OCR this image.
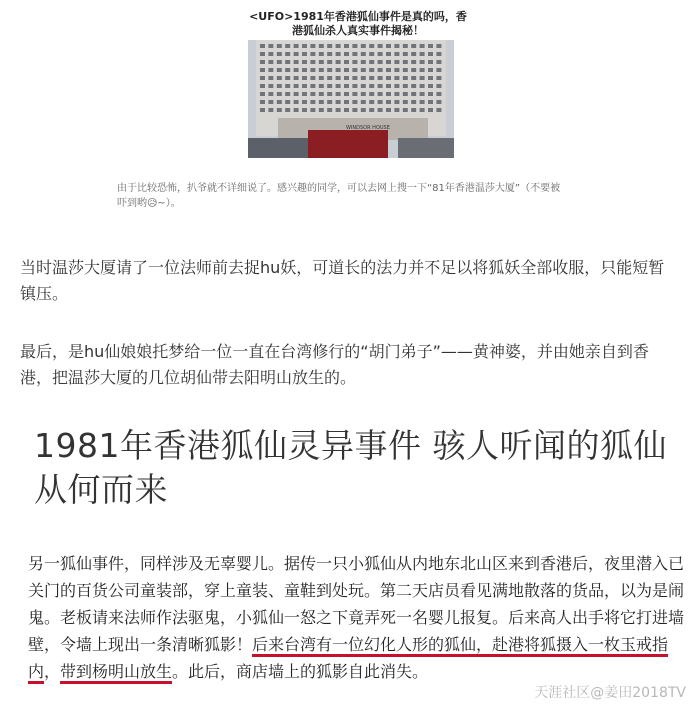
<UFO>1981年香港狐仙事件是真的吗，香港狐仙杀人真实事件揭秘！
WINDSOR HOUSE
由于比较恐怖，扒爷就不详细说了。感兴趣的同学，可以去网上搜一下“81年香港温莎大厦”（不要被吓到哟😥~）。

当时温莎大厦请了一位法师前去捉hu妖，可道长的法力并不足以将狐妖全部收服，只能短暂镇压。

最后，是hu仙娘娘托梦给一位一直在台湾修行的“胡门弟子”——黄神婆，并由她亲自到香港，把温莎大厦的几位胡仙带去阳明山放生的。

1981年香港狐仙灵异事件 骇人听闻的狐仙从何而来
另一狐仙事件，同样涉及无辜婴儿。据传一只小狐仙从内地东北山区来到香港后，夜里潜入已关门的百货公司童装部，穿上童装、童鞋到处玩。第二天店员看见满地散落的货品，以为是闹鬼。老板请来法师作法驱鬼，小狐仙一怒之下竟弄死一名婴儿报复。后来高人出手将它打进墙壁，令墙上现出一条清晰狐影！后来台湾有一位幻化人形的狐仙，赴港将狐摄入一枚玉戒指内，带到杨明山放生。此后，商店墙上的狐影自此消失。
天涯社区@姜田2018TV
